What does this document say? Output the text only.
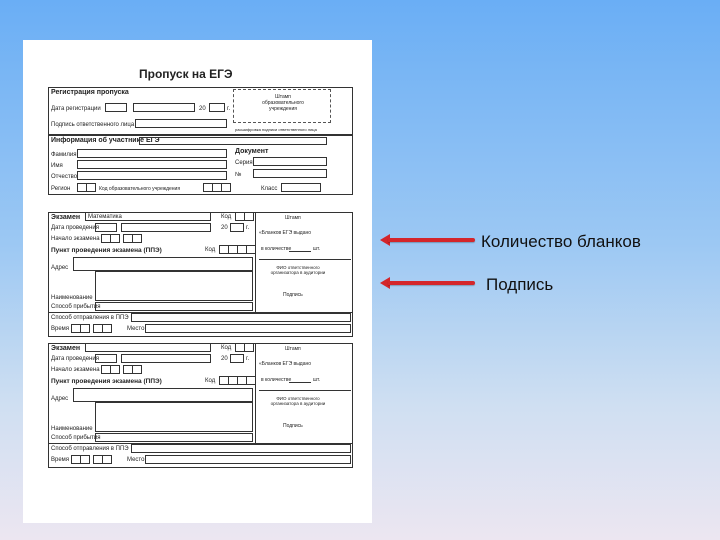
Пропуск на ЕГЭ
Регистрация пропуска
Дата регистрации	20	г.
Подпись ответственного лица
Штамп образовательного учреждения
расшифровка подписи ответственного лица
Информация об участнике ЕГЭ
Фамилия
Имя
Отчество
Документ
Серия
№
Регион	Код образовательного учреждения	Класс
Экзамен Математика	Код
Дата проведения	20	г.
Начало экзамена
Пункт проведения экзамена (ППЭ)	Код
Адрес
Наименование
Способ прибытия
Штамп
«Бланков ЕГЭ выдано
в количестве	шт.
ФИО ответственного организатора в аудитории
Подпись
Способ отправления в ППЭ
Время	Место
Экзамен	Код
Дата проведения	20	г.
Начало экзамена
Пункт проведения экзамена (ППЭ)	Код
Адрес
Наименование
Способ прибытия
Штамп
«Бланков ЕГЭ выдано
в количестве	шт.
ФИО ответственного организатора в аудитории
Подпись
Способ отправления в ППЭ
Время	Место
Количество бланков
Подпись
